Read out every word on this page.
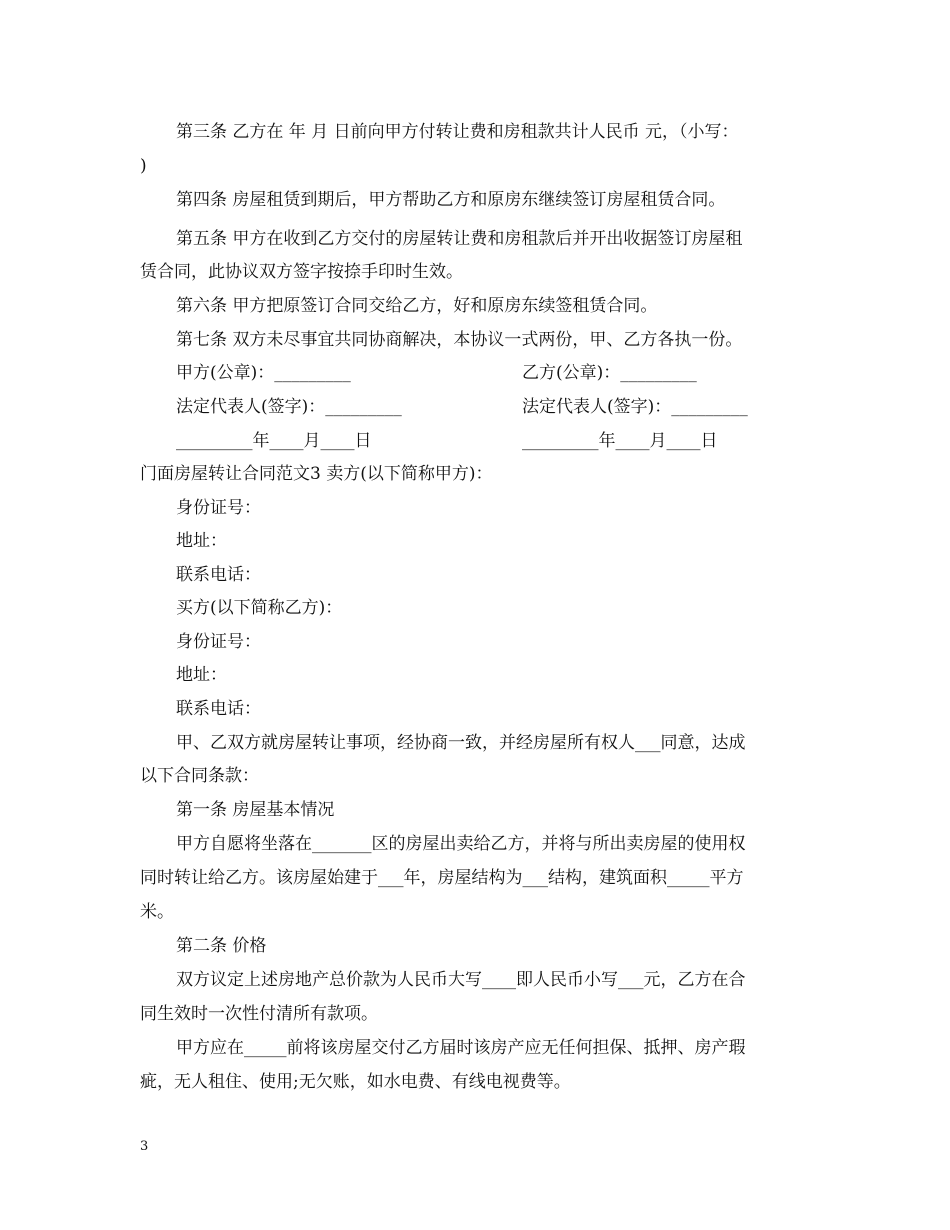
第三条 乙方在 年 月 日前向甲方付转让费和房租款共计人民币 元，（小写：
)
第四条 房屋租赁到期后，甲方帮助乙方和原房东继续签订房屋租赁合同。
第五条 甲方在收到乙方交付的房屋转让费和房租款后并开出收据签订房屋租
赁合同，此协议双方签字按捺手印时生效。
第六条 甲方把原签订合同交给乙方，好和原房东续签租赁合同。
第七条 双方未尽事宜共同协商解决，本协议一式两份，甲、乙方各执一份。
甲方(公章)：_________	乙方(公章)：_________
法定代表人(签字)：_________	法定代表人(签字)：_________
_________年____月____日	_________年____月____日
门面房屋转让合同范文3 卖方(以下简称甲方)：
身份证号：
地址：
联系电话：
买方(以下简称乙方)：
身份证号：
地址：
联系电话：
甲、乙双方就房屋转让事项，经协商一致，并经房屋所有权人___同意，达成
以下合同条款：
第一条 房屋基本情况
甲方自愿将坐落在_______区的房屋出卖给乙方，并将与所出卖房屋的使用权
同时转让给乙方。该房屋始建于___年，房屋结构为___结构，建筑面积_____平方
米。
第二条 价格
双方议定上述房地产总价款为人民币大写____即人民币小写___元，乙方在合
同生效时一次性付清所有款项。
甲方应在_____前将该房屋交付乙方届时该房产应无任何担保、抵押、房产瑕
疵，无人租住、使用;无欠账，如水电费、有线电视费等。
3
